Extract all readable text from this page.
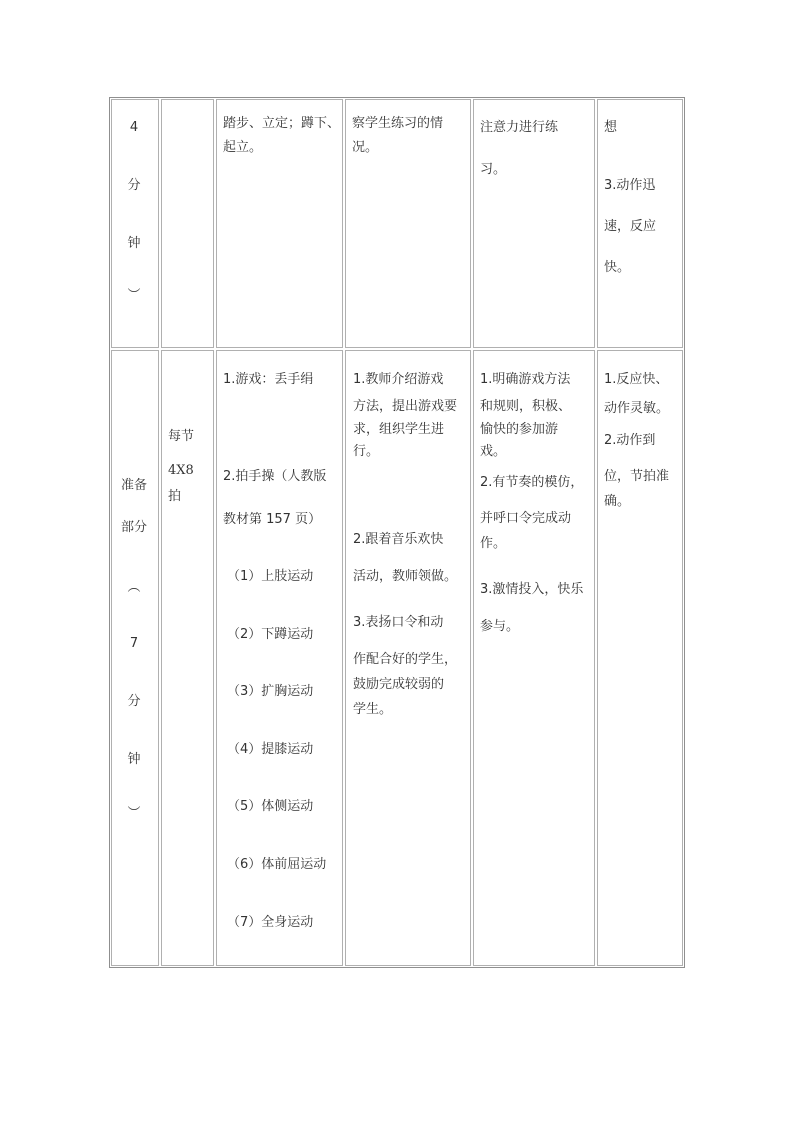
4
分
钟
︶
踏步、立定；蹲下、
起立。
察学生练习的情
况。
注意力进行练
习。
想
3.动作迅
速，反应
快。
准备
部分
︵
7
分
钟
︶
每节
4X8
拍
1.游戏：丢手绢
2.拍手操（人教版
教材第 157 页）
（1）上肢运动
（2）下蹲运动
（3）扩胸运动
（4）提膝运动
（5）体侧运动
（6）体前屈运动
（7）全身运动
1.教师介绍游戏
方法，提出游戏要
求，组织学生进
行。
2.跟着音乐欢快
活动，教师领做。
3.表扬口令和动
作配合好的学生，
鼓励完成较弱的
学生。
1.明确游戏方法
和规则，积极、
愉快的参加游
戏。
2.有节奏的模仿，
并呼口令完成动
作。
3.激情投入，快乐
参与。
1.反应快、
动作灵敏。
2.动作到
位，节拍准
确。
